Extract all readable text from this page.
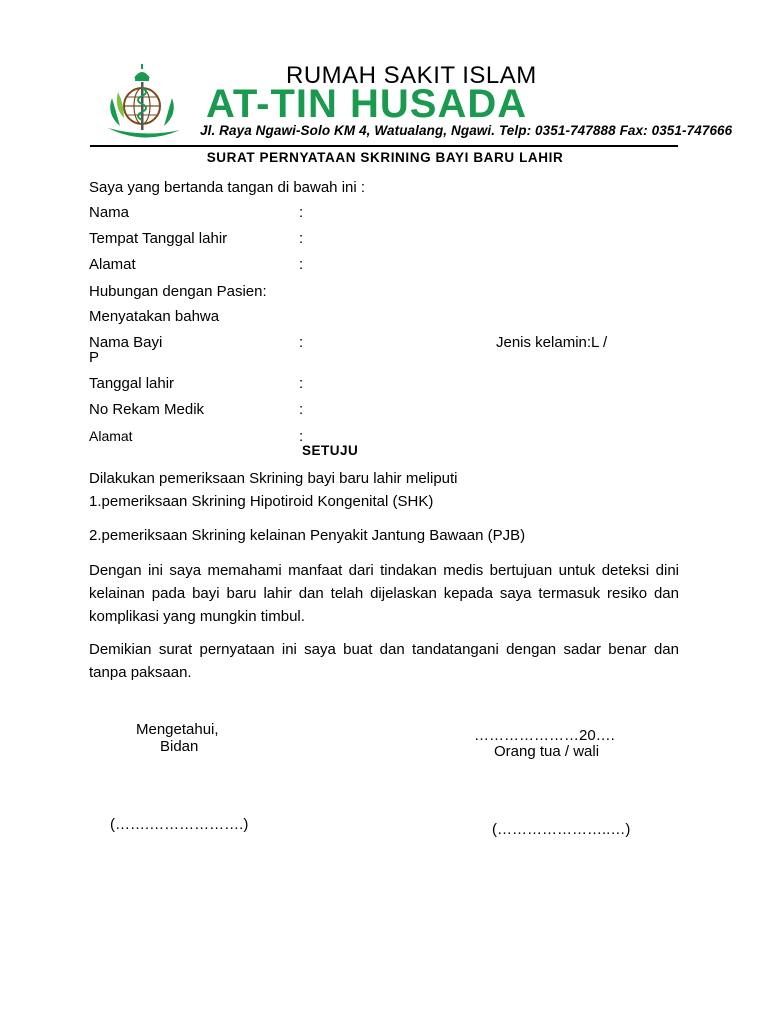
RUMAH SAKIT ISLAM
AT-TIN HUSADA
Jl. Raya Ngawi-Solo KM 4, Watualang, Ngawi. Telp: 0351-747888 Fax: 0351-747666
SURAT PERNYATAAN SKRINING BAYI BARU LAHIR
Saya yang bertanda tangan di bawah ini :
Nama	:
Tempat Tanggal lahir	:
Alamat	:
Hubungan dengan Pasien:
Menyatakan bahwa
Nama Bayi	:	Jenis kelamin:L /
P
Tanggal lahir	:
No Rekam Medik	:
Alamat	:
SETUJU
Dilakukan pemeriksaan Skrining bayi baru lahir meliputi
1.pemeriksaan Skrining Hipotiroid Kongenital (SHK)
2.pemeriksaan Skrining kelainan Penyakit Jantung Bawaan (PJB)
Dengan ini saya memahami manfaat dari tindakan medis bertujuan untuk deteksi dini kelainan pada bayi baru lahir dan telah dijelaskan kepada saya termasuk resiko dan komplikasi yang mungkin timbul.
Demikian surat pernyataan ini saya buat dan tandatangani dengan sadar benar dan tanpa paksaan.
Mengetahui,
Bidan
…………………20….
Orang tua / wali
(…….……………….)	(…………………..…)
